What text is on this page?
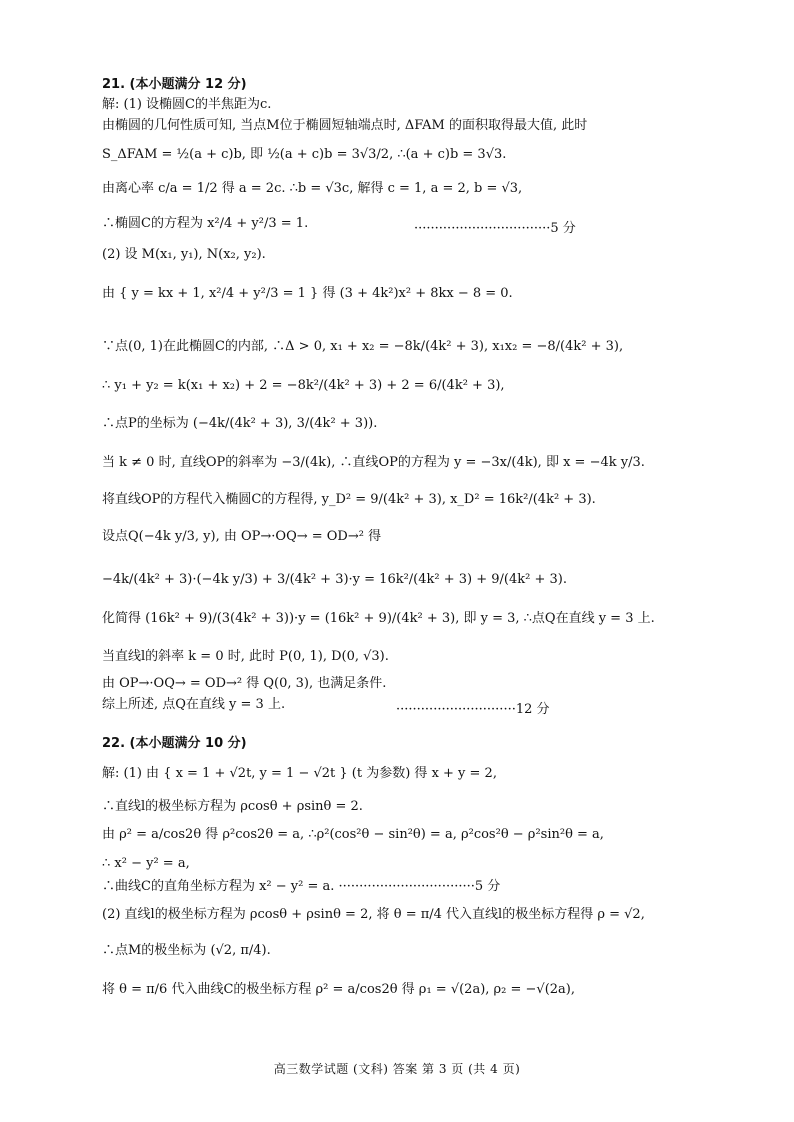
21. (本小题满分 12 分)
解: (1) 设椭圆C的半焦距为c.
由椭圆的几何性质可知, 当点M位于椭圆短轴端点时, ΔFAM 的面积取得最大值, 此时
S_ΔFAM = ½(a + c)b, 即 ½(a + c)b = 3√3/2, ∴(a + c)b = 3√3.
由离心率 c/a = 1/2 得 a = 2c. ∴b = √3c, 解得 c = 1, a = 2, b = √3,
∴椭圆C的方程为 x²/4 + y²/3 = 1.	·································5 分
(2) 设 M(x₁, y₁), N(x₂, y₂).
由 { y = kx + 1, x²/4 + y²/3 = 1 } 得 (3 + 4k²)x² + 8kx − 8 = 0.
∵点(0, 1)在此椭圆C的内部, ∴Δ > 0, x₁ + x₂ = −8k/(4k² + 3), x₁x₂ = −8/(4k² + 3),
∴ y₁ + y₂ = k(x₁ + x₂) + 2 = −8k²/(4k² + 3) + 2 = 6/(4k² + 3),
∴点P的坐标为 (−4k/(4k² + 3), 3/(4k² + 3)).
当 k ≠ 0 时, 直线OP的斜率为 −3/(4k), ∴直线OP的方程为 y = −3x/(4k), 即 x = −4k y/3.
将直线OP的方程代入椭圆C的方程得, y_D² = 9/(4k² + 3), x_D² = 16k²/(4k² + 3).
设点Q(−4k y/3, y), 由 OP→·OQ→ = OD→² 得
−4k/(4k² + 3)·(−4k y/3) + 3/(4k² + 3)·y = 16k²/(4k² + 3) + 9/(4k² + 3).
化简得 (16k² + 9)/(3(4k² + 3))·y = (16k² + 9)/(4k² + 3), 即 y = 3, ∴点Q在直线 y = 3 上.
当直线l的斜率 k = 0 时, 此时 P(0, 1), D(0, √3).
由 OP→·OQ→ = OD→² 得 Q(0, 3), 也满足条件.
综上所述, 点Q在直线 y = 3 上.	·····························12 分
22. (本小题满分 10 分)
解: (1) 由 { x = 1 + √2t, y = 1 − √2t } (t 为参数) 得 x + y = 2,
∴直线l的极坐标方程为 ρcosθ + ρsinθ = 2.
由 ρ² = a/cos2θ 得 ρ²cos2θ = a, ∴ρ²(cos²θ − sin²θ) = a, ρ²cos²θ − ρ²sin²θ = a,
∴ x² − y² = a,
∴曲线C的直角坐标方程为 x² − y² = a. ·································5 分
(2) 直线l的极坐标方程为 ρcosθ + ρsinθ = 2, 将 θ = π/4 代入直线l的极坐标方程得 ρ = √2,
∴点M的极坐标为 (√2, π/4).
将 θ = π/6 代入曲线C的极坐标方程 ρ² = a/cos2θ 得 ρ₁ = √(2a), ρ₂ = −√(2a),
高三数学试题 (文科) 答案 第 3 页 (共 4 页)
